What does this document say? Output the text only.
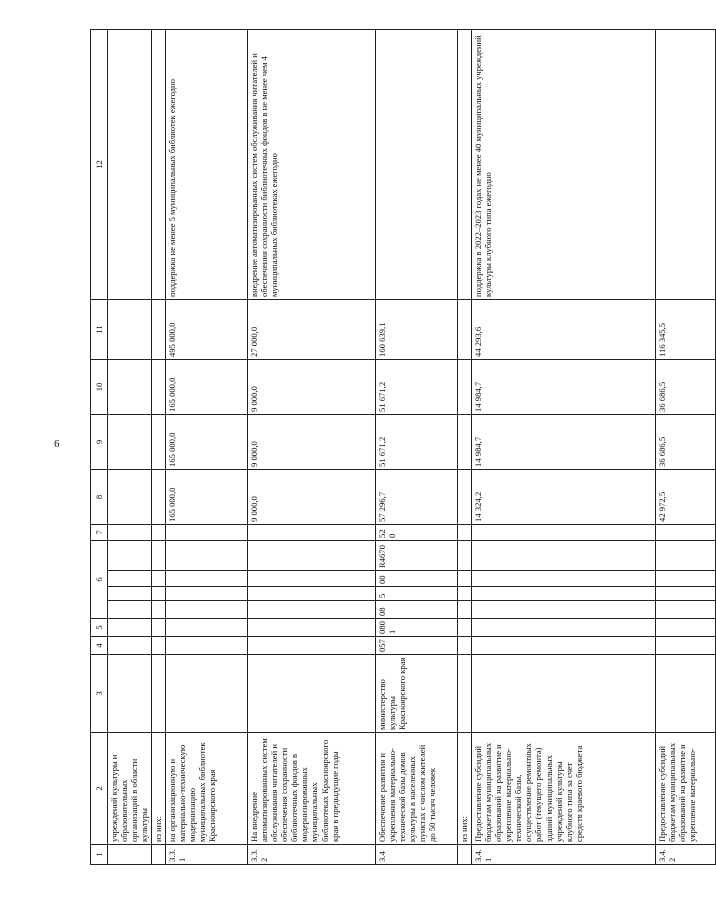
6
1	2	3	4	5	6				7	8	9	10	11	12
	учреждений культуры и образовательных организаций в области культуры													
	из них:													
3.3.1	на организационную и материально-техническую модернизацию муниципальных библиотек Красноярского края									165 000,0	165 000,0	165 000,0	495 000,0	поддержка не менее 5 муниципальных библиотек ежегодно
3.3.2	На внедрение автоматизированных систем обслуживания читателей и обеспечения сохранности библиотечных фондов в модернизированных муниципальных библиотеках Красноярского края в предыдущие годы									9 000,0	9 000,0	9 000,0	27 000,0	внедрение автоматизированных систем обслуживания читателей и обеспечения сохранности библиотечных фондов в не менее чем 4 муниципальных библиотеках ежегодно
3.4	Обеспечение развития и укрепления материально-технической базы домов культуры в населенных пунктах с числом жителей до 50 тысяч человек	министерство культуры Красноярского края	057	0801	08	5	00	R4670	520	57 296,7	51 671,2	51 671,2	160 639,1	
	из них:													
3.4.1	Предоставление субсидий бюджетам муниципальных образований на развитие и укрепление материально-технической базы, осуществление ремонтных работ (текущего ремонта) зданий муниципальных учреждений культуры клубного типа за счет средств краевого бюджета									14 324,2	14 984,7	14 984,7	44 293,6	поддержка в 2022–2023 годах не менее 40 муниципальных учреждений культуры клубного типа ежегодно
3.4.2	Предоставление субсидий бюджетам муниципальных образований на развитие и укрепление материально-									42 972,5	36 686,5	36 686,5	116 345,5	
